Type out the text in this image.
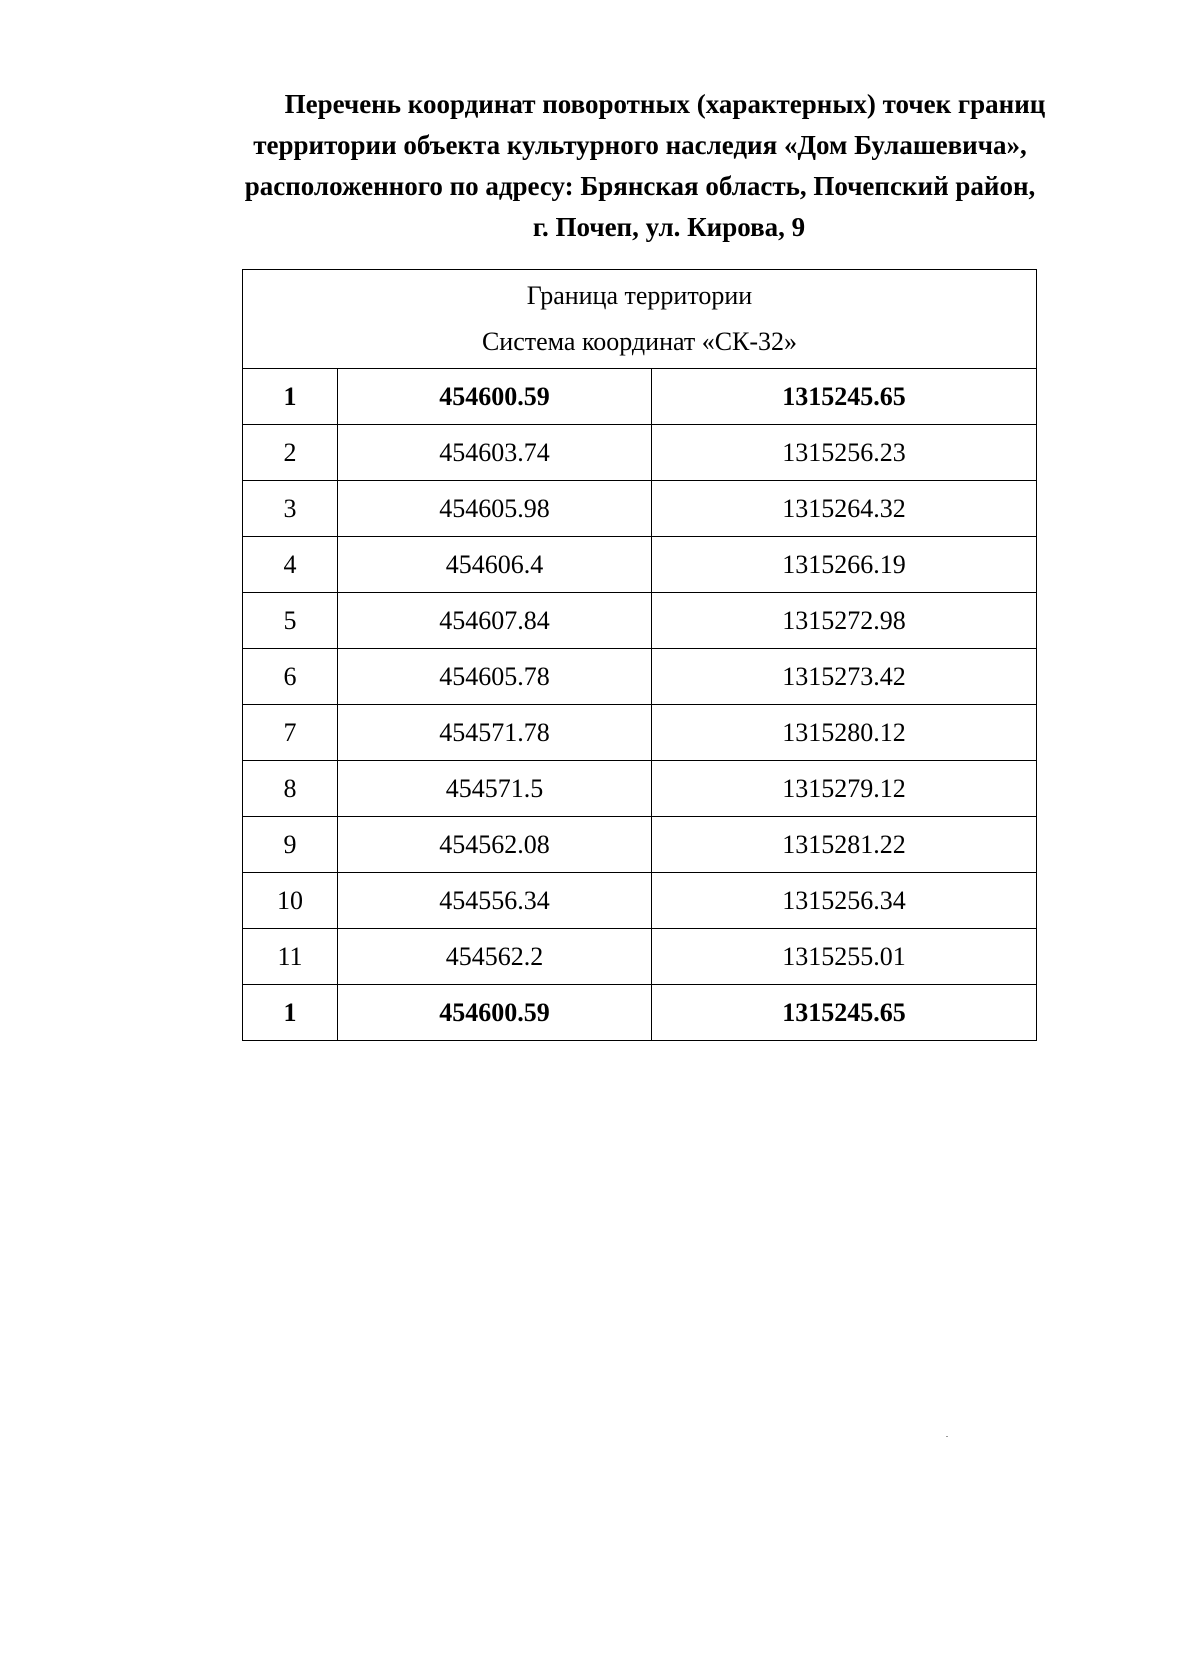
Перечень координат поворотных (характерных) точек границ
территории объекта культурного наследия «Дом Булашевича»,
расположенного по адресу: Брянская область, Почепский район,
г. Почеп, ул. Кирова, 9
Граница территории
Система координат «СК-32»		

1	454600.59	1315245.65
2	454603.74	1315256.23
3	454605.98	1315264.32
4	454606.4	1315266.19
5	454607.84	1315272.98
6	454605.78	1315273.42
7	454571.78	1315280.12
8	454571.5	1315279.12
9	454562.08	1315281.22
10	454556.34	1315256.34
11	454562.2	1315255.01
1	454600.59	1315245.65
